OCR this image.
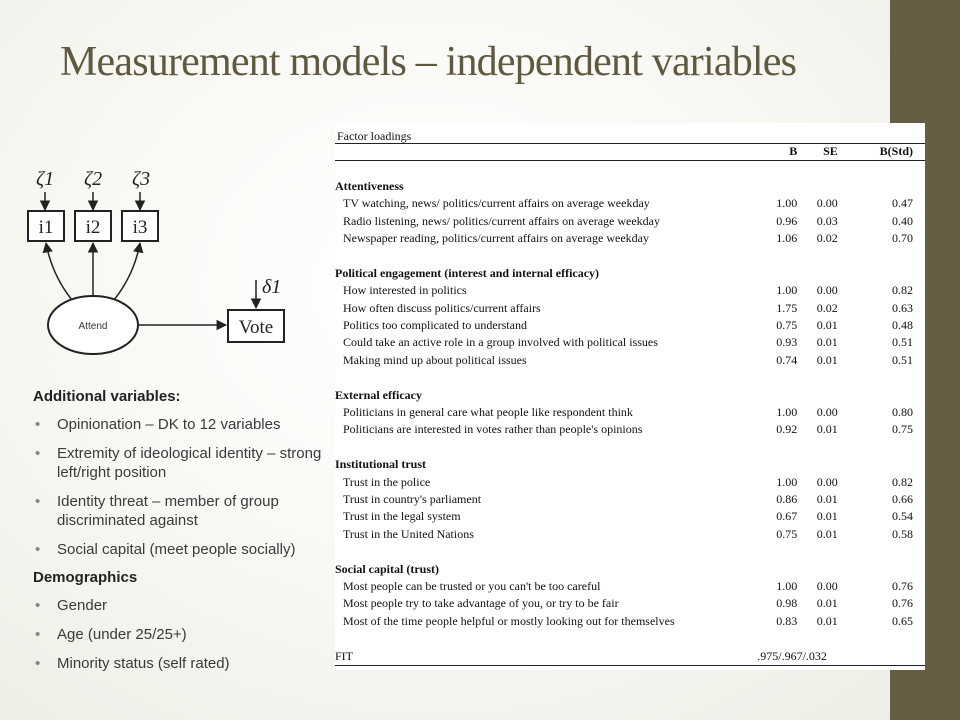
Measurement models – independent variables
ζ1 ζ2 ζ3
i1 i2 i3
Attend	Vote
δ1
Additional variables:
• Opinionation – DK to 12 variables
• Extremity of ideological identity – strong left/right position
• Identity threat – member of group discriminated against
• Social capital (meet people socially)
Demographics
• Gender
• Age (under 25/25+)
• Minority status (self rated)
Factor loadings
	B	SE	B(Std)

Attentiveness			
TV watching, news/ politics/current affairs on average weekday	1.00	0.00	0.47
Radio listening, news/ politics/current affairs on average weekday	0.96	0.03	0.40
Newspaper reading, politics/current affairs on average weekday	1.06	0.02	0.70

Political engagement (interest and internal efficacy)			
How interested in politics	1.00	0.00	0.82
How often discuss politics/current affairs	1.75	0.02	0.63
Politics too complicated to understand	0.75	0.01	0.48
Could take an active role in a group involved with political issues	0.93	0.01	0.51
Making mind up about political issues	0.74	0.01	0.51

External efficacy			
Politicians in general care what people like respondent think	1.00	0.00	0.80
Politicians are interested in votes rather than people's opinions	0.92	0.01	0.75

Institutional trust			
Trust in the police	1.00	0.00	0.82
Trust in country's parliament	0.86	0.01	0.66
Trust in the legal system	0.67	0.01	0.54
Trust in the United Nations	0.75	0.01	0.58

Social capital (trust)			
Most people can be trusted or you can't be too careful	1.00	0.00	0.76
Most people try to take advantage of you, or try to be fair	0.98	0.01	0.76
Most of the time people helpful or mostly looking out for themselves	0.83	0.01	0.65

FIT	.975/.967/.032		
